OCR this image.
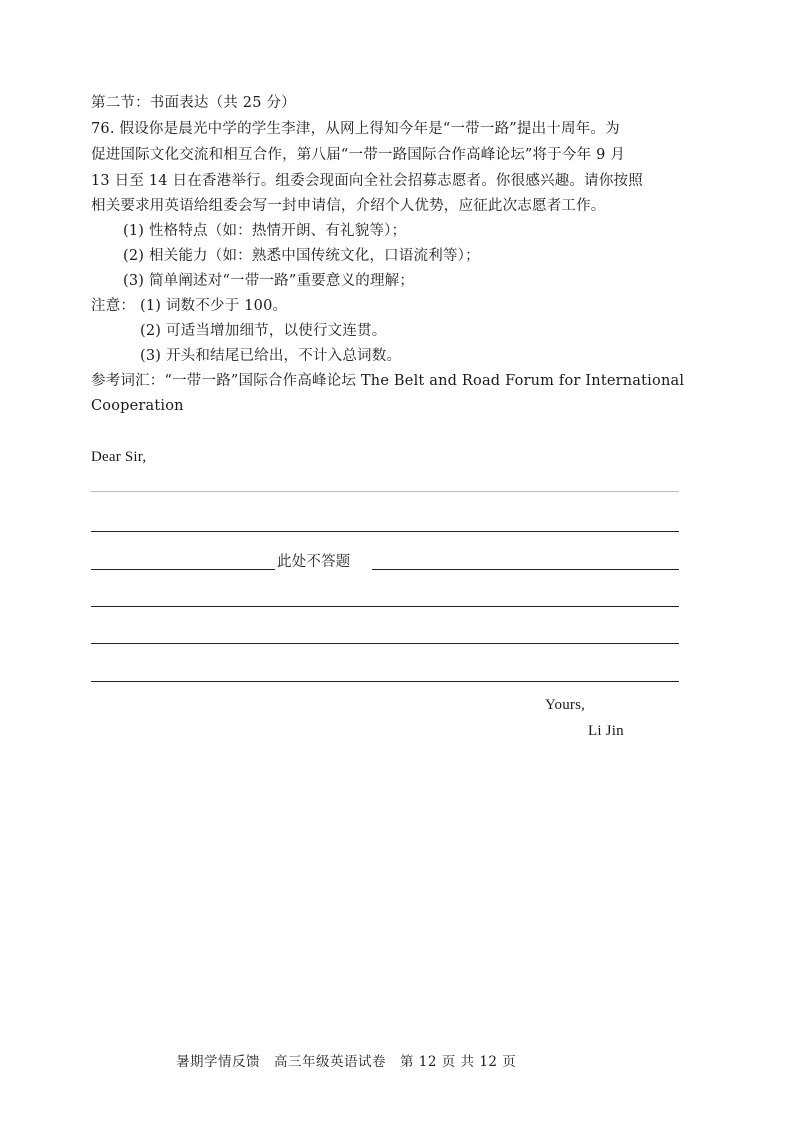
第二节：书面表达（共 25 分）
76. 假设你是晨光中学的学生李津，从网上得知今年是“一带一路”提出十周年。为
促进国际文化交流和相互合作，第八届“一带一路国际合作高峰论坛”将于今年 9 月
13 日至 14 日在香港举行。组委会现面向全社会招募志愿者。你很感兴趣。请你按照
相关要求用英语给组委会写一封申请信，介绍个人优势，应征此次志愿者工作。
(1) 性格特点（如：热情开朗、有礼貌等）；
(2) 相关能力（如：熟悉中国传统文化，口语流利等）；
(3) 简单阐述对“一带一路”重要意义的理解；
注意： (1) 词数不少于 100。
(2) 可适当增加细节，以使行文连贯。
(3) 开头和结尾已给出，不计入总词数。
参考词汇：“一带一路”国际合作高峰论坛 The Belt and Road Forum for International
Cooperation
Dear Sir,
此处不答题
Yours,
Li Jin
暑期学情反馈　高三年级英语试卷　第 12 页 共 12 页
